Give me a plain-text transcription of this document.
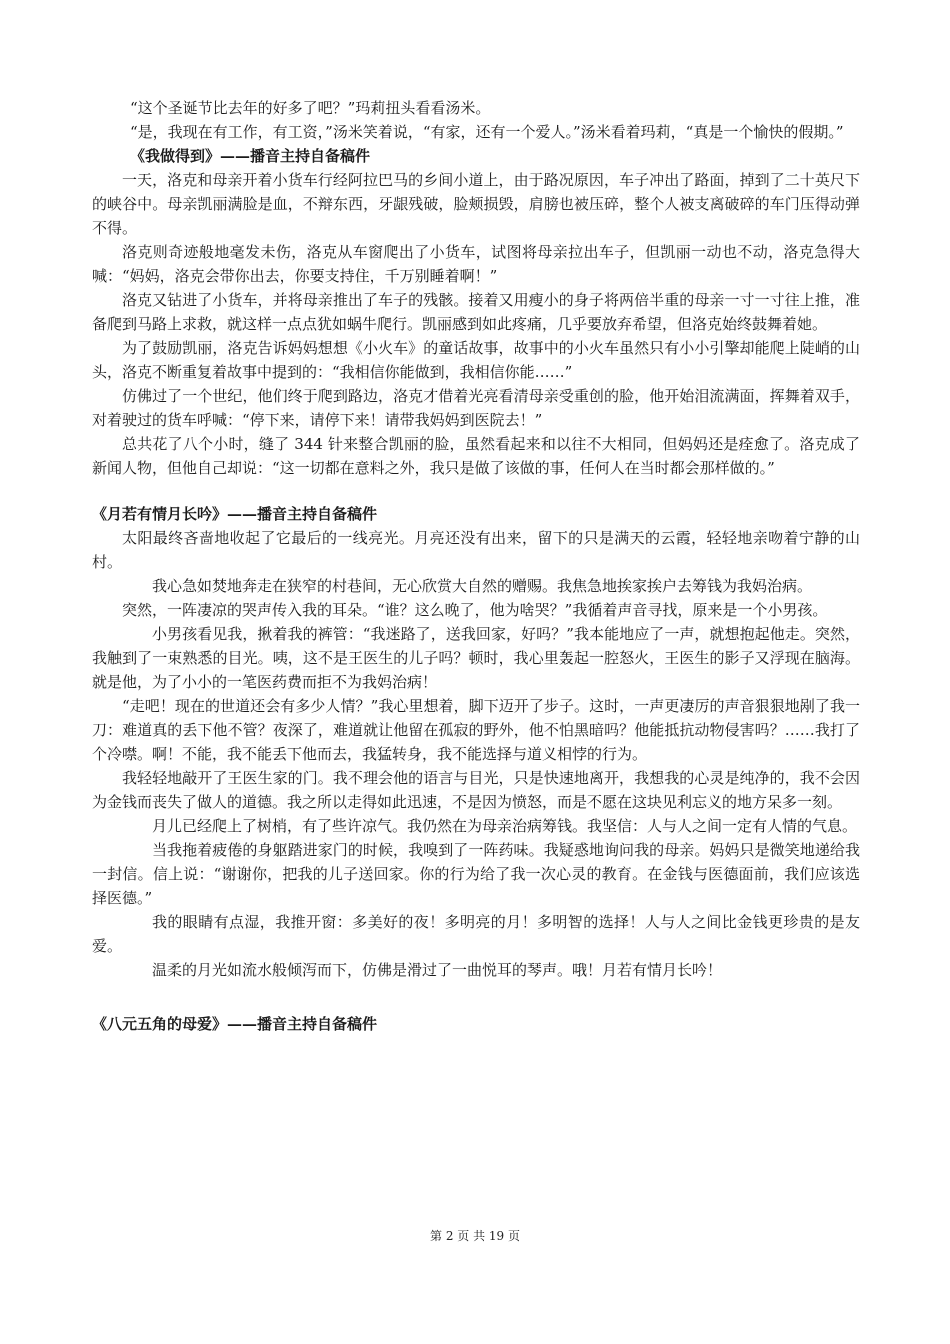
“这个圣诞节比去年的好多了吧？”玛莉扭头看看汤米。

“是，我现在有工作，有工资，”汤米笑着说，“有家，还有一个爱人。”汤米看着玛莉，“真是一个愉快的假期。”

《我做得到》——播音主持自备稿件

一天，洛克和母亲开着小货车行经阿拉巴马的乡间小道上，由于路况原因，车子冲出了路面，掉到了二十英尺下的峡谷中。母亲凯丽满脸是血，不辩东西，牙龈残破，脸颊损毁，肩膀也被压碎，整个人被支离破碎的车门压得动弹不得。

洛克则奇迹般地毫发未伤，洛克从车窗爬出了小货车，试图将母亲拉出车子，但凯丽一动也不动，洛克急得大喊：“妈妈，洛克会带你出去，你要支持住，千万别睡着啊！”

洛克又钻进了小货车，并将母亲推出了车子的残骸。接着又用瘦小的身子将两倍半重的母亲一寸一寸往上推，准备爬到马路上求救，就这样一点点犹如蜗牛爬行。凯丽感到如此疼痛，几乎要放弃希望，但洛克始终鼓舞着她。

为了鼓励凯丽，洛克告诉妈妈想想《小火车》的童话故事，故事中的小火车虽然只有小小引擎却能爬上陡峭的山头，洛克不断重复着故事中提到的：“我相信你能做到，我相信你能……”

仿佛过了一个世纪，他们终于爬到路边，洛克才借着光亮看清母亲受重创的脸，他开始泪流满面，挥舞着双手，对着驶过的货车呼喊：“停下来，请停下来！请带我妈妈到医院去！”

总共花了八个小时，缝了 344 针来整合凯丽的脸，虽然看起来和以往不大相同，但妈妈还是痊愈了。洛克成了新闻人物，但他自己却说：“这一切都在意料之外，我只是做了该做的事，任何人在当时都会那样做的。”

《月若有情月长吟》——播音主持自备稿件

太阳最终吝啬地收起了它最后的一线亮光。月亮还没有出来，留下的只是满天的云霞，轻轻地亲吻着宁静的山村。

我心急如焚地奔走在狭窄的村巷间，无心欣赏大自然的赠赐。我焦急地挨家挨户去筹钱为我妈治病。

突然，一阵凄凉的哭声传入我的耳朵。“谁？这么晚了，他为啥哭？”我循着声音寻找，原来是一个小男孩。

小男孩看见我，揪着我的裤管：“我迷路了，送我回家，好吗？”我本能地应了一声，就想抱起他走。突然，我触到了一束熟悉的目光。咦，这不是王医生的儿子吗？顿时，我心里轰起一腔怒火，王医生的影子又浮现在脑海。就是他，为了小小的一笔医药费而拒不为我妈治病！

“走吧！现在的世道还会有多少人情？”我心里想着，脚下迈开了步子。这时，一声更凄厉的声音狠狠地剐了我一刀：难道真的丢下他不管？夜深了，难道就让他留在孤寂的野外，他不怕黑暗吗？他能抵抗动物侵害吗？……我打了个冷噤。啊！不能，我不能丢下他而去，我猛转身，我不能选择与道义相悖的行为。

我轻轻地敲开了王医生家的门。我不理会他的语言与目光，只是快速地离开，我想我的心灵是纯净的，我不会因为金钱而丧失了做人的道德。我之所以走得如此迅速，不是因为愤怒，而是不愿在这块见利忘义的地方呆多一刻。

月儿已经爬上了树梢，有了些许凉气。我仍然在为母亲治病筹钱。我坚信：人与人之间一定有人情的气息。

当我拖着疲倦的身躯踏进家门的时候，我嗅到了一阵药味。我疑惑地询问我的母亲。妈妈只是微笑地递给我一封信。信上说：“谢谢你，把我的儿子送回家。你的行为给了我一次心灵的教育。在金钱与医德面前，我们应该选择医德。”

我的眼睛有点湿，我推开窗：多美好的夜！多明亮的月！多明智的选择！人与人之间比金钱更珍贵的是友爱。

温柔的月光如流水般倾泻而下，仿佛是滑过了一曲悦耳的琴声。哦！月若有情月长吟！

《八元五角的母爱》——播音主持自备稿件

第 2 页 共 19 页
